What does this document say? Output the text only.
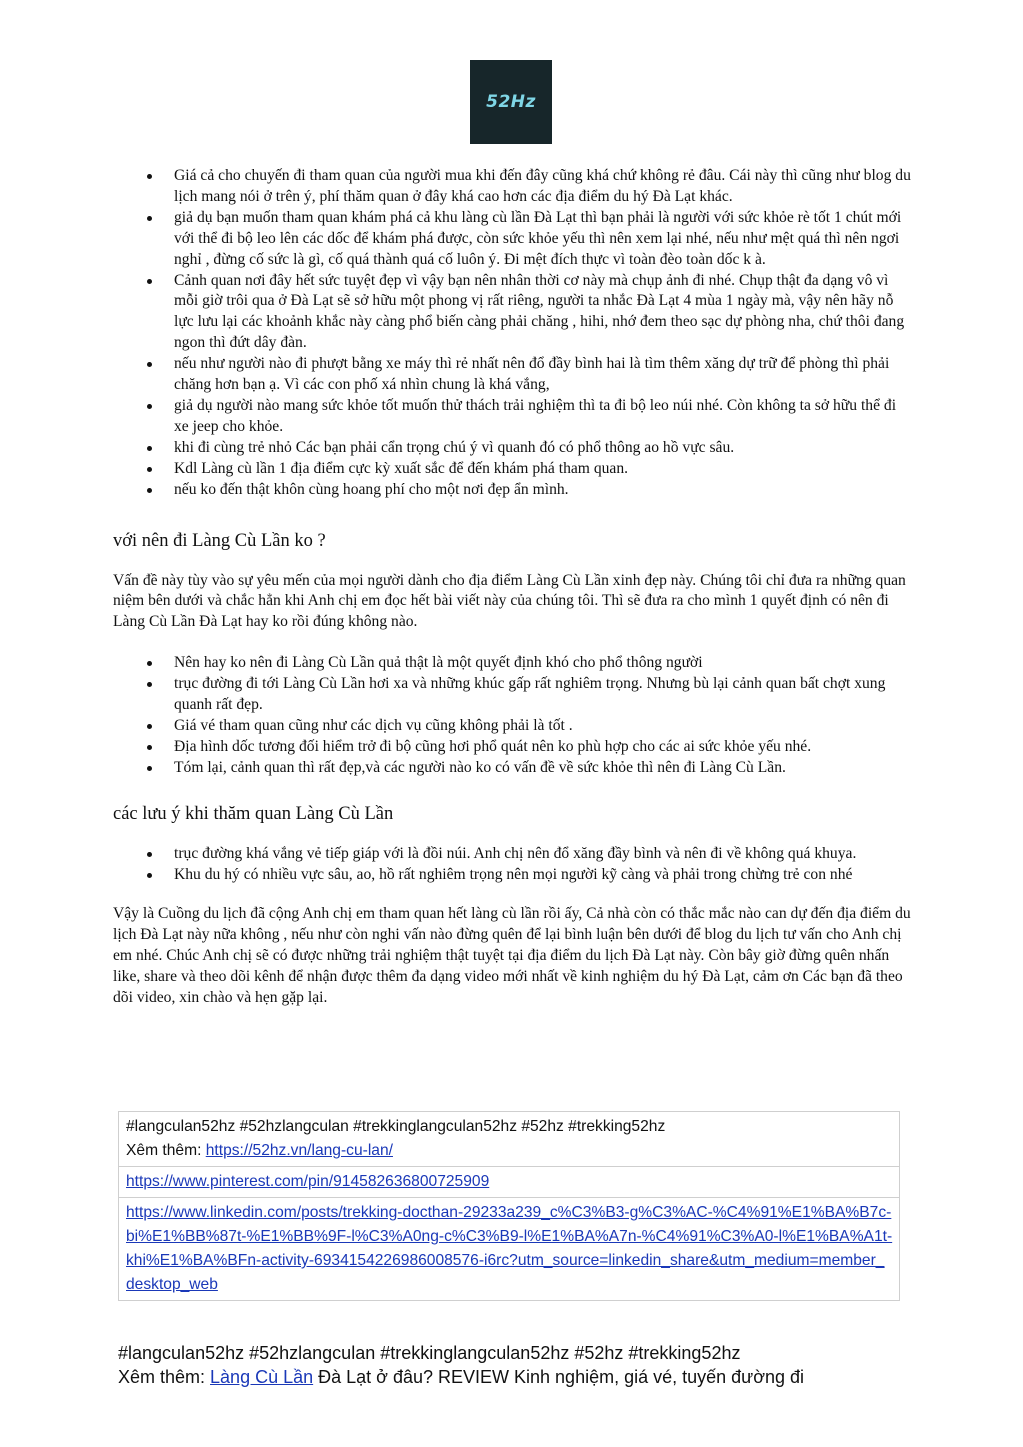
52Hz
Giá cả cho chuyến đi tham quan của người mua khi đến đây cũng khá chứ không rẻ đâu. Cái này thì cũng như blog du lịch mang nói ở trên ý, phí thăm quan ở đây khá cao hơn các địa điểm du hý Đà Lạt khác.
giả dụ bạn muốn tham quan khám phá cả khu làng cù lần Đà Lạt thì bạn phải là người với sức khỏe rè tốt 1 chút mới với thể đi bộ leo lên các dốc để khám phá được, còn sức khỏe yếu thì nên xem lại nhé, nếu như mệt quá thì nên ngơi nghỉ , đừng cố sức là gì, cố quá thành quá cố luôn ý. Đi mệt đích thực vì toàn đèo toàn dốc k à.
Cảnh quan nơi đây hết sức tuyệt đẹp vì vậy bạn nên nhân thời cơ này mà chụp ảnh đi nhé. Chụp thật đa dạng vô vì mỗi giờ trôi qua ở Đà Lạt sẽ sở hữu một phong vị rất riêng, người ta nhắc Đà Lạt 4 mùa 1 ngày mà, vậy nên hãy nỗ lực lưu lại các khoảnh khắc này càng phổ biến càng phải chăng , hihi, nhớ đem theo sạc dự phòng nha, chứ thôi đang ngon thì đứt dây đàn.
nếu như người nào đi phượt bằng xe máy thì rẻ nhất nên đổ đầy bình hai là tìm thêm xăng dự trữ để phòng thì phải chăng hơn bạn ạ. Vì các con phố xá nhìn chung là khá vắng,
giả dụ người nào mang sức khỏe tốt muốn thử thách trải nghiệm thì ta đi bộ leo núi nhé. Còn không ta sở hữu thể đi xe jeep cho khỏe.
khi đi cùng trẻ nhỏ Các bạn phải cẩn trọng chú ý vì quanh đó có phổ thông ao hồ vực sâu.
Kdl Làng cù lần 1 địa điểm cực kỳ xuất sắc để đến khám phá tham quan.
nếu ko đến thật khôn cùng hoang phí cho một nơi đẹp ẩn mình.
với nên đi Làng Cù Lần ko ?

Vấn đề này tùy vào sự yêu mến của mọi người dành cho địa điểm Làng Cù Lần xinh đẹp này. Chúng tôi chỉ đưa ra những quan niệm bên dưới và chắc hẳn khi Anh chị em đọc hết bài viết này của chúng tôi. Thì sẽ đưa ra cho mình 1 quyết định có nên đi Làng Cù Lần Đà Lạt hay ko rồi đúng không nào.

Nên hay ko nên đi Làng Cù Lần quả thật là một quyết định khó cho phổ thông người
trục đường đi tới Làng Cù Lần hơi xa và những khúc gấp rất nghiêm trọng. Nhưng bù lại cảnh quan bất chợt xung quanh rất đẹp.
Giá vé tham quan cũng như các dịch vụ cũng không phải là tốt .
Địa hình dốc tương đối hiểm trở đi bộ cũng hơi phổ quát nên ko phù hợp cho các ai sức khỏe yếu nhé.
Tóm lại, cảnh quan thì rất đẹp,và các người nào ko có vấn đề về sức khỏe thì nên đi Làng Cù Lần.
các lưu ý khi thăm quan Làng Cù Lần
trục đường khá vắng vẻ tiếp giáp với là đồi núi. Anh chị nên đổ xăng đầy bình và nên đi về không quá khuya.
Khu du hý có nhiều vực sâu, ao, hồ rất nghiêm trọng nên mọi người kỹ càng và phải trong chừng trẻ con nhé

Vậy là Cuồng du lịch đã cộng Anh chị em tham quan hết làng cù lần rồi ấy, Cả nhà còn có thắc mắc nào can dự đến địa điểm du lịch Đà Lạt này nữa không , nếu như còn nghi vấn nào đừng quên để lại bình luận bên dưới để blog du lịch tư vấn cho Anh chị em nhé. Chúc Anh chị sẽ có được những trải nghiệm thật tuyệt tại địa điểm du lịch Đà Lạt này. Còn bây giờ đừng quên nhấn like, share và theo dõi kênh để nhận được thêm đa dạng video mới nhất về kinh nghiệm du hý Đà Lạt, cảm ơn Các bạn đã theo dõi video, xin chào và hẹn gặp lại.

#langculan52hz #52hzlangculan #trekkinglangculan52hz #52hz #trekking52hz
Xêm thêm: https://52hz.vn/lang-cu-lan/
https://www.pinterest.com/pin/914582636800725909
https://www.linkedin.com/posts/trekking-docthan-29233a239_c%C3%B3-g%C3%AC-%C4%91%E1%BA%B7c-bi%E1%BB%87t-%E1%BB%9F-l%C3%A0ng-c%C3%B9-l%E1%BA%A7n-%C4%91%C3%A0-l%E1%BA%A1t-khi%E1%BA%BFn-activity-6934154226986008576-i6rc?utm_source=linkedin_share&utm_medium=member_desktop_web
#langculan52hz #52hzlangculan #trekkinglangculan52hz #52hz #trekking52hz
Xêm thêm: Làng Cù Lần Đà Lạt ở đâu? REVIEW Kinh nghiệm, giá vé, tuyến đường đi
